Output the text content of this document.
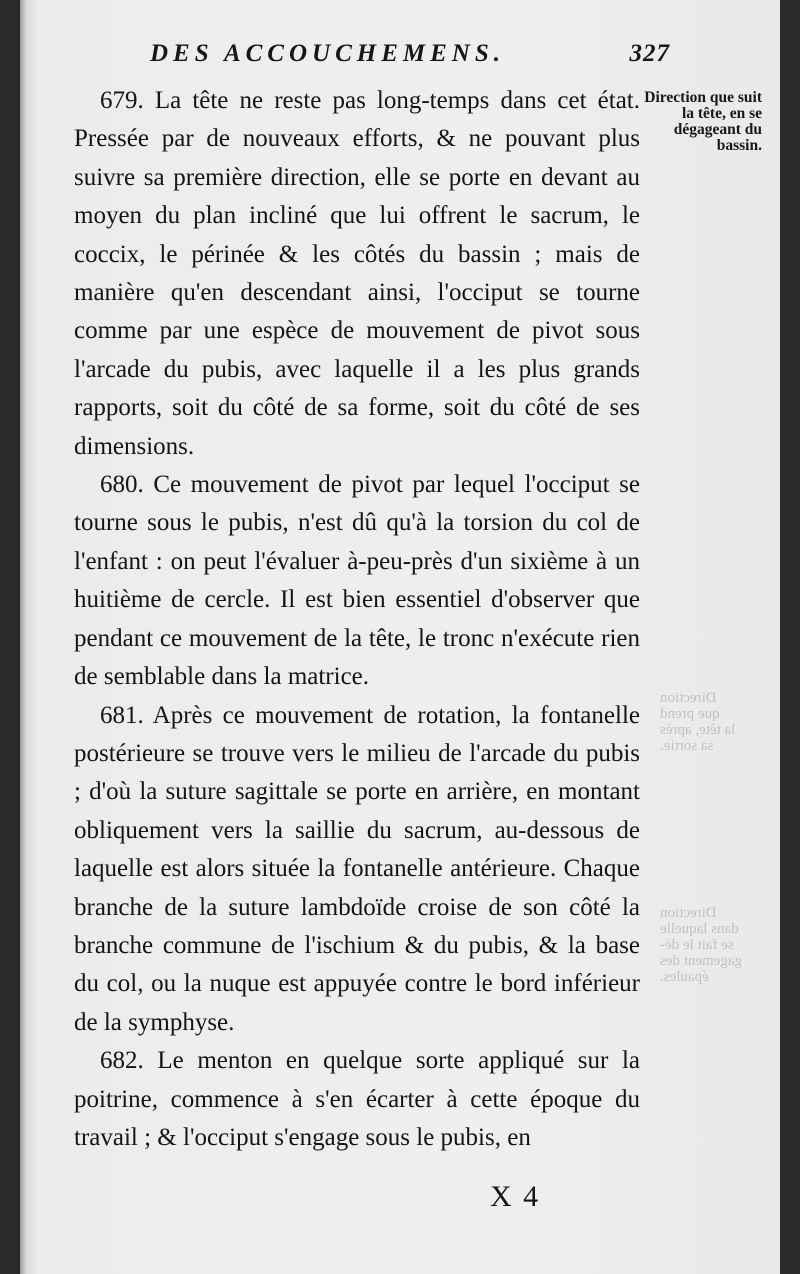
Direction
que prend
la tête, après
sa sortie.
Direction
dans laquelle
se fait le dé-
gagement des
épaules.
DES ACCOUCHEMENS.	327
Direction que suit la tête, en se dégageant du bassin.

679. La tête ne reste pas long-temps dans cet état. Pressée par de nouveaux efforts, & ne pouvant plus suivre sa première direction, elle se porte en devant au moyen du plan incliné que lui offrent le sacrum, le coccix, le périnée & les côtés du bassin ; mais de manière qu'en descendant ainsi, l'occiput se tourne comme par une espèce de mouvement de pivot sous l'arcade du pubis, avec laquelle il a les plus grands rapports, soit du côté de sa forme, soit du côté de ses dimensions.

680. Ce mouvement de pivot par lequel l'occiput se tourne sous le pubis, n'est dû qu'à la torsion du col de l'enfant : on peut l'évaluer à-peu-près d'un sixième à un huitième de cercle. Il est bien essentiel d'observer que pendant ce mouvement de la tête, le tronc n'exécute rien de semblable dans la matrice.

681. Après ce mouvement de rotation, la fontanelle postérieure se trouve vers le milieu de l'arcade du pubis ; d'où la suture sagittale se porte en arrière, en montant obliquement vers la saillie du sacrum, au-dessous de laquelle est alors située la fontanelle antérieure. Chaque branche de la suture lambdoïde croise de son côté la branche commune de l'ischium & du pubis, & la base du col, ou la nuque est appuyée contre le bord inférieur de la symphyse.

682. Le menton en quelque sorte appliqué sur la poitrine, commence à s'en écarter à cette époque du travail ; & l'occiput s'engage sous le pubis, en

X 4
